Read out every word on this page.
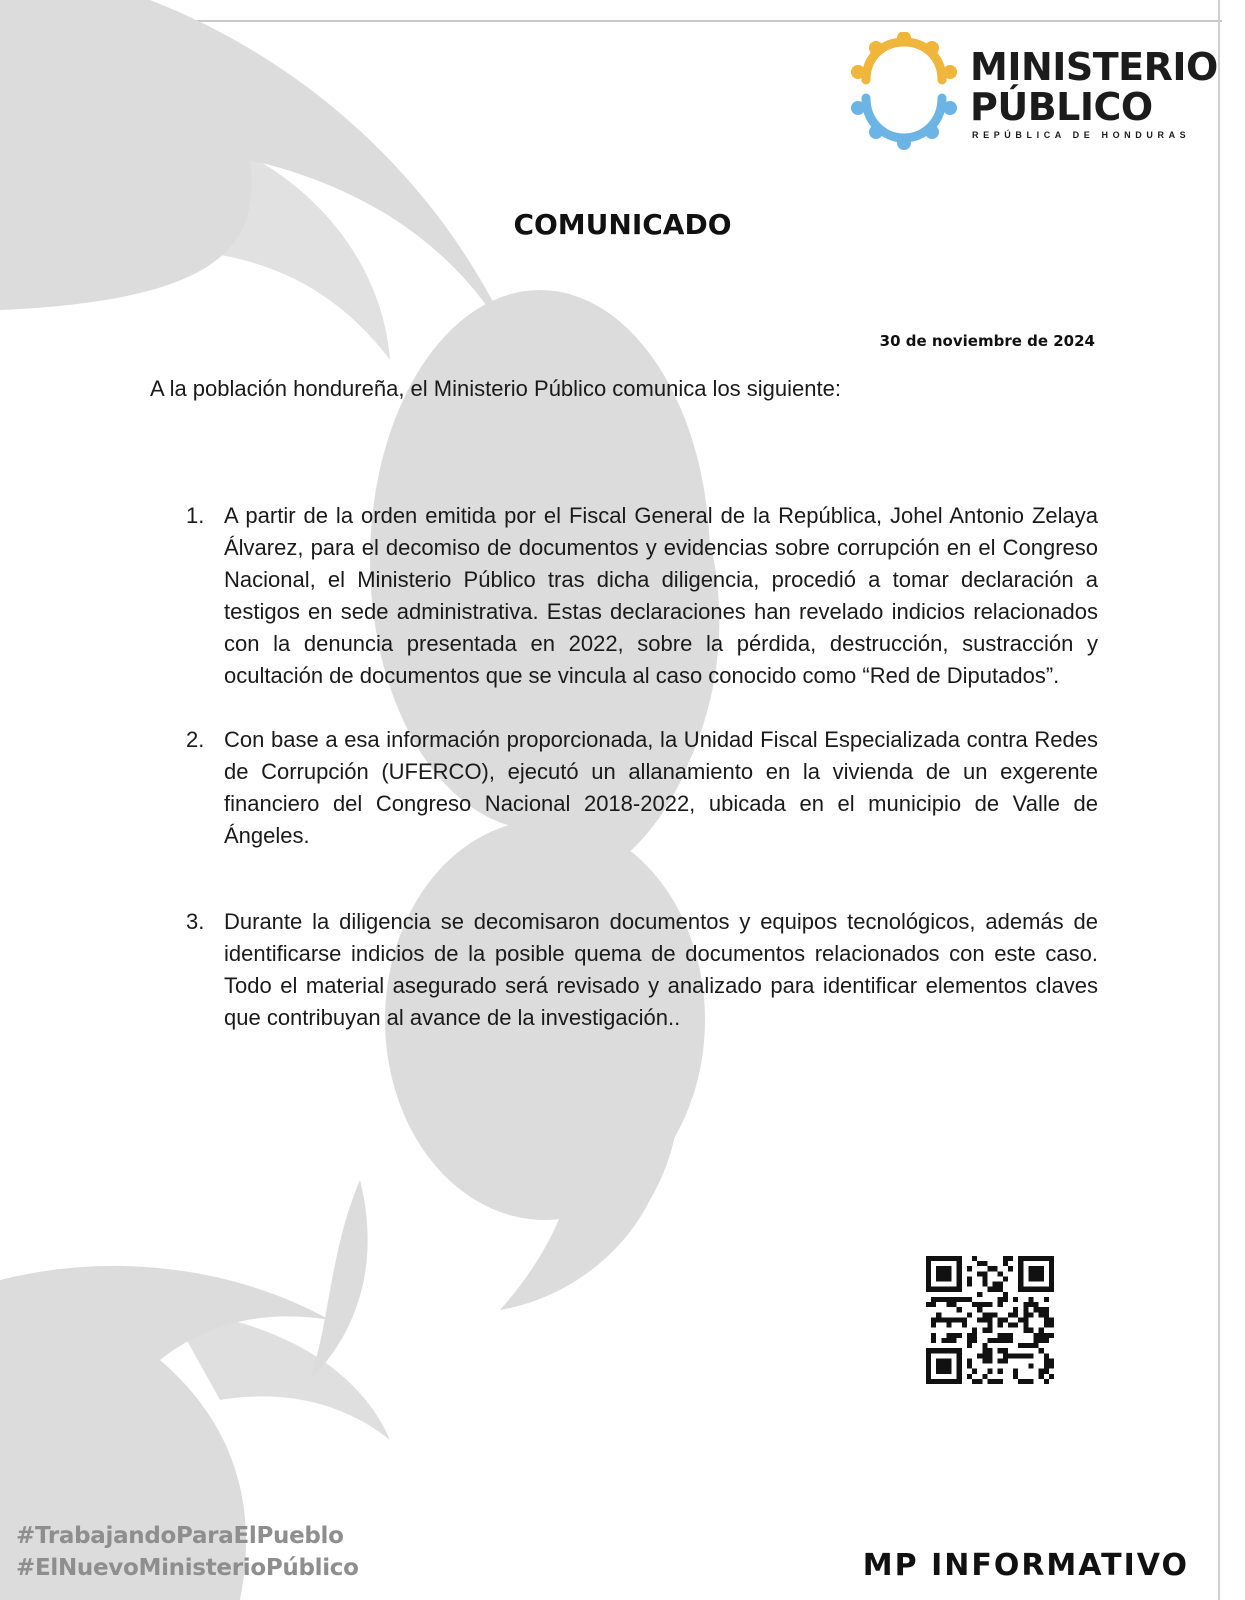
MINISTERIO
PÚBLICO
REPÚBLICA DE HONDURAS
COMUNICADO
30 de noviembre de 2024
A la población hondureña, el Ministerio Público comunica los siguiente:
1. A partir de la orden emitida por el Fiscal General de la República, Johel Antonio Zelaya Álvarez, para el decomiso de documentos y evidencias sobre corrupción en el Congreso Nacional, el Ministerio Público tras dicha diligencia, procedió a tomar declaración a testigos en sede administrativa. Estas declaraciones han revelado indicios relacionados con la denuncia presentada en 2022, sobre la pérdida, destrucción, sustracción y ocultación de documentos que se vincula al caso conocido como “Red de Diputados”.
2. Con base a esa información proporcionada, la Unidad Fiscal Especializada contra Redes de Corrupción (UFERCO), ejecutó un allanamiento en la vivienda de un exgerente financiero del Congreso Nacional 2018-2022, ubicada en el municipio de Valle de Ángeles.
3. Durante la diligencia se decomisaron documentos y equipos tecnológicos, además de identificarse indicios de la posible quema de documentos relacionados con este caso. Todo el material asegurado será revisado y analizado para identificar elementos claves que contribuyan al avance de la investigación..
#TrabajandoParaElPueblo
#ElNuevoMinisterioPúblico	MP INFORMATIVO
